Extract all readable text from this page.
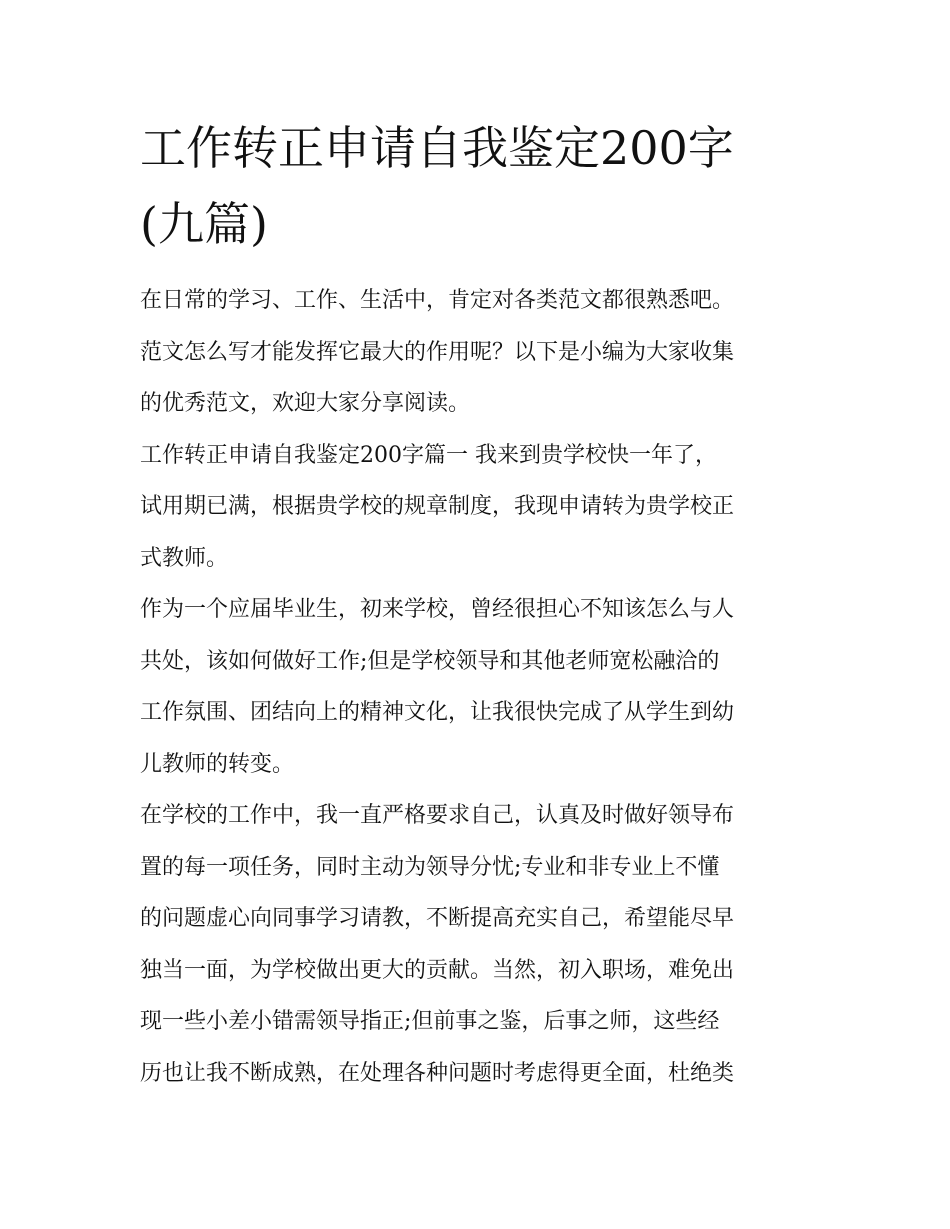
工作转正申请自我鉴定200字
(九篇)
在日常的学习、工作、生活中，肯定对各类范文都很熟悉吧。
范文怎么写才能发挥它最大的作用呢？以下是小编为大家收集
的优秀范文，欢迎大家分享阅读。
工作转正申请自我鉴定200字篇一 我来到贵学校快一年了，
试用期已满，根据贵学校的规章制度，我现申请转为贵学校正
式教师。
作为一个应届毕业生，初来学校，曾经很担心不知该怎么与人
共处，该如何做好工作;但是学校领导和其他老师宽松融洽的
工作氛围、团结向上的精神文化，让我很快完成了从学生到幼
儿教师的转变。
在学校的工作中，我一直严格要求自己，认真及时做好领导布
置的每一项任务，同时主动为领导分忧;专业和非专业上不懂
的问题虚心向同事学习请教，不断提高充实自己，希望能尽早
独当一面，为学校做出更大的贡献。当然，初入职场，难免出
现一些小差小错需领导指正;但前事之鉴，后事之师，这些经
历也让我不断成熟，在处理各种问题时考虑得更全面，杜绝类
